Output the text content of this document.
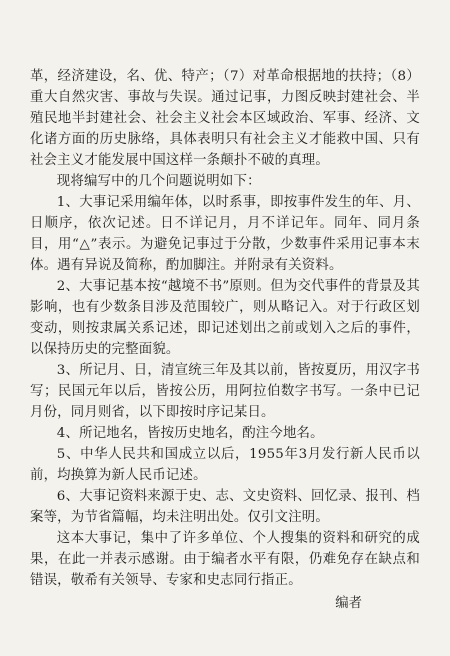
革，经济建设，名、优、特产；（7）对革命根据地的扶持；（8）重大自然灾害、事故与失误。通过记事，力图反映封建社会、半殖民地半封建社会、社会主义社会本区域政治、军事、经济、文化诸方面的历史脉络，具体表明只有社会主义才能救中国、只有社会主义才能发展中国这样一条颠扑不破的真理。

现将编写中的几个问题说明如下：

1、大事记采用编年体，以时系事，即按事件发生的年、月、日顺序，依次记述。日不详记月，月不详记年。同年、同月条目，用“△”表示。为避免记事过于分散，少数事件采用记事本末体。遇有异说及简称，酌加脚注。并附录有关资料。

2、大事记基本按“越境不书”原则。但为交代事件的背景及其影响，也有少数条目涉及范围较广，则从略记入。对于行政区划变动，则按隶属关系记述，即记述划出之前或划入之后的事件，以保持历史的完整面貌。

3、所记月、日，清宣统三年及其以前，皆按夏历，用汉字书写；民国元年以后，皆按公历，用阿拉伯数字书写。一条中已记月份，同月则省，以下即按时序记某日。

4、所记地名，皆按历史地名，酌注今地名。

5、中华人民共和国成立以后，1955年3月发行新人民币以前，均换算为新人民币记述。

6、大事记资料来源于史、志、文史资料、回忆录、报刊、档案等，为节省篇幅，均未注明出处。仅引文注明。

这本大事记，集中了许多单位、个人搜集的资料和研究的成果，在此一并表示感谢。由于编者水平有限，仍难免存在缺点和错误，敬希有关领导、专家和史志同行指正。

编者
